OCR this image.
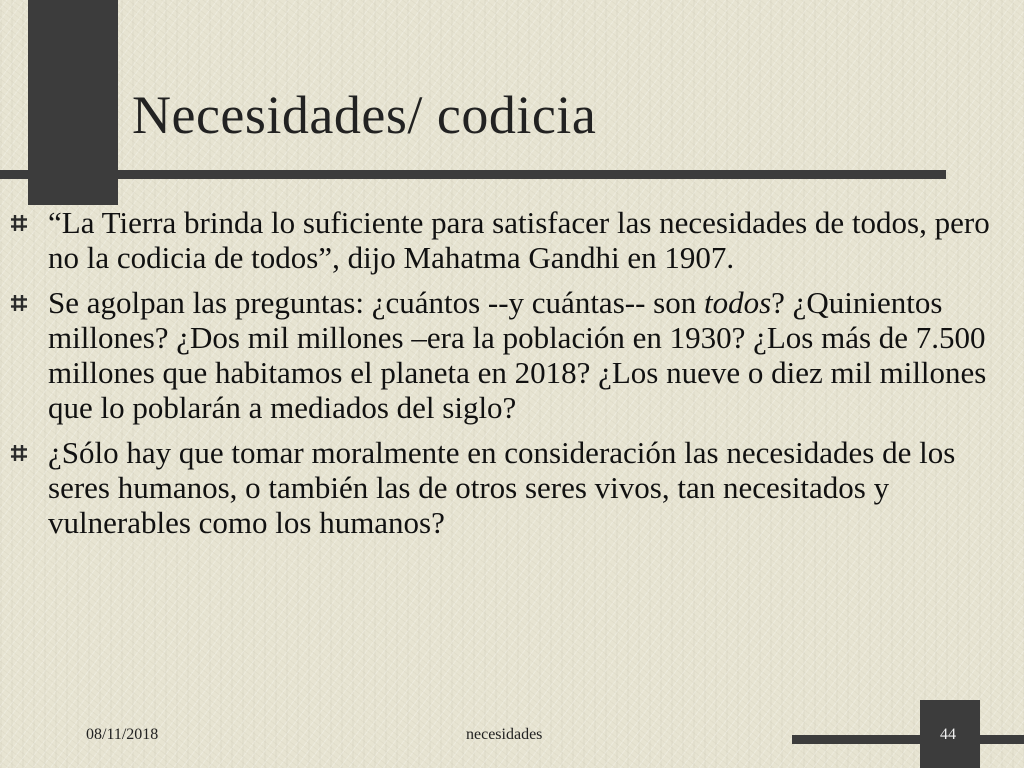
Necesidades/ codicia
“La Tierra brinda lo suficiente para satisfacer las necesidades de todos, pero no la codicia de todos”, dijo Mahatma Gandhi en 1907.
Se agolpan las preguntas: ¿cuántos --y cuántas-- son todos? ¿Quinientos millones? ¿Dos mil millones –era la población en 1930? ¿Los más de 7.500 millones que habitamos el planeta en 2018? ¿Los nueve o diez mil millones que lo poblarán a mediados del siglo?
¿Sólo hay que tomar moralmente en consideración las necesidades de los seres humanos, o también las de otros seres vivos, tan necesitados y vulnerables como los humanos?
08/11/2018	necesidades	44
